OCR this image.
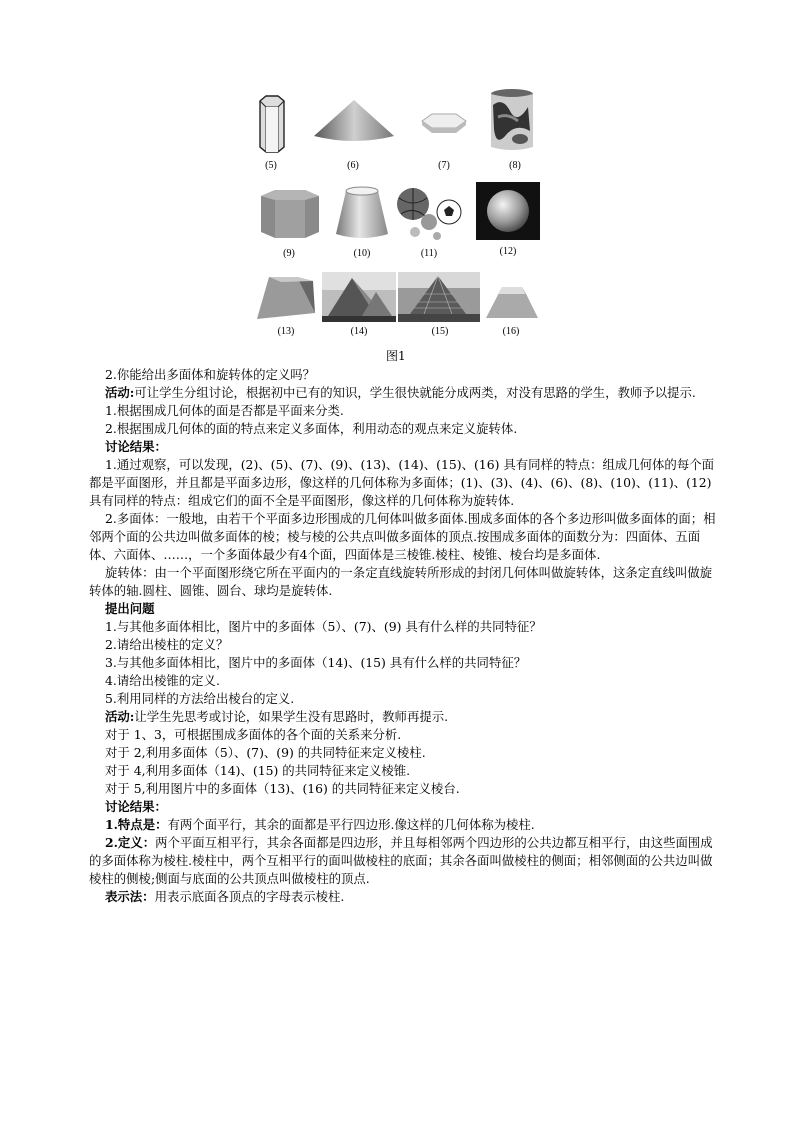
(5)	(6)	(7)	(8)
(9)	(10)	(11)	(12)
(13)	(14)	(15)	(16)
图1

2.你能给出多面体和旋转体的定义吗？

活动:可让学生分组讨论，根据初中已有的知识，学生很快就能分成两类，对没有思路的学生，教师予以提示.

1.根据围成几何体的面是否都是平面来分类.

2.根据围成几何体的面的特点来定义多面体，利用动态的观点来定义旋转体.

讨论结果：

1.通过观察，可以发现，(2)、(5)、(7)、(9)、(13)、(14)、(15)、(16) 具有同样的特点：组成几何体的每个面都是平面图形，并且都是平面多边形，像这样的几何体称为多面体；(1)、(3)、(4)、(6)、(8)、(10)、(11)、(12) 具有同样的特点：组成它们的面不全是平面图形，像这样的几何体称为旋转体.

2.多面体：一般地，由若干个平面多边形围成的几何体叫做多面体.围成多面体的各个多边形叫做多面体的面；相邻两个面的公共边叫做多面体的棱；棱与棱的公共点叫做多面体的顶点.按围成多面体的面数分为：四面体、五面体、六面体、……，一个多面体最少有4个面，四面体是三棱锥.棱柱、棱锥、棱台均是多面体.

旋转体：由一个平面图形绕它所在平面内的一条定直线旋转所形成的封闭几何体叫做旋转体，这条定直线叫做旋转体的轴.圆柱、圆锥、圆台、球均是旋转体.

提出问题

1.与其他多面体相比，图片中的多面体（5）、(7)、(9) 具有什么样的共同特征？

2.请给出棱柱的定义？

3.与其他多面体相比，图片中的多面体（14)、(15) 具有什么样的共同特征？

4.请给出棱锥的定义.

5.利用同样的方法给出棱台的定义.

活动:让学生先思考或讨论，如果学生没有思路时，教师再提示.

对于 1、3，可根据围成多面体的各个面的关系来分析.

对于 2,利用多面体（5）、(7)、(9) 的共同特征来定义棱柱.

对于 4,利用多面体（14)、(15) 的共同特征来定义棱锥.

对于 5,利用图片中的多面体（13)、(16) 的共同特征来定义棱台.

讨论结果：

1.特点是：有两个面平行，其余的面都是平行四边形.像这样的几何体称为棱柱.

2.定义：两个平面互相平行，其余各面都是四边形，并且每相邻两个四边形的公共边都互相平行，由这些面围成的多面体称为棱柱.棱柱中，两个互相平行的面叫做棱柱的底面；其余各面叫做棱柱的侧面；相邻侧面的公共边叫做棱柱的侧棱;侧面与底面的公共顶点叫做棱柱的顶点.

表示法：用表示底面各顶点的字母表示棱柱.
